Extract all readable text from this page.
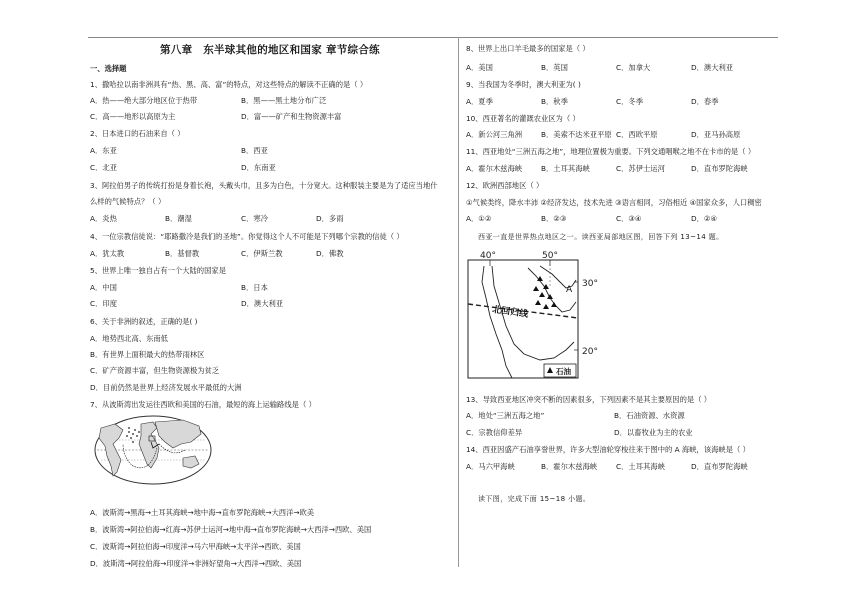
第八章　东半球其他的地区和国家 章节综合练
一、选择题
1、撒哈拉以南非洲具有“热、黑、高、富”的特点，对这些特点的解读不正确的是（ ）
A．热——绝大部分地区位于热带	B．黑——黑土地分布广泛
C．高——地形以高原为主	D．富——矿产和生物资源丰富
2、日本进口的石油来自（ ）
A．东亚	B．西亚
C．北亚	D．东南亚
3、阿拉伯男子的传统打扮是身着长袍，头戴头巾，且多为白色，十分宽大。这种服装主要是为了适应当地什
么样的气候特点？（ ）
A．炎热	B．潮湿	C．寒冷	D．多雨
4、一位宗教信徒说：“耶路撒冷是我们的圣地”。你觉得这个人不可能是下列哪个宗教的信徒（ ）
A．犹太教	B．基督教	C．伊斯兰教	D．佛教
5、世界上唯一独自占有一个大陆的国家是
A．中国	B．日本
C．印度	D．澳大利亚
6、关于非洲的叙述，正确的是( )
A．地势西北高、东南低
B．有世界上面积最大的热带雨林区
C．矿产资源丰富，但生物资源极为贫乏
D．目前仍然是世界上经济发展水平最低的大洲
7、从波斯湾出发运往西欧和美国的石油，最短的海上运输路线是（ ）
A．波斯湾→黑海→土耳其海峡→地中海→直布罗陀海峡→大西洋→欧美
B．波斯湾→阿拉伯海→红海→苏伊士运河→地中海→直布罗陀海峡→大西洋→西欧、美国
C．波斯湾→阿拉伯海→印度洋→马六甲海峡→太平洋→西欧、美国
D．波斯湾→阿拉伯海→印度洋→非洲好望角→大西洋→西欧、美国
8、世界上出口羊毛最多的国家是（ ）
A．美国	B．英国	C．加拿大	D．澳大利亚
9、当我国为冬季时，澳大利亚为( )
A．夏季	B．秋季	C．冬季	D．春季
10、西亚著名的灌溉农业区为（ ）
A．新公河三角洲	B．美索不达米亚平原 C．西欧平原	D．亚马孙高原
11、西亚地处“三洲五海之地”，地理位置极为重要。下列交通咽喉之地不在卡市的是（ ）
A．霍尔木兹海峡	B．土耳其海峡	C．苏伊士运河	D．直布罗陀海峡
12、欧洲西部地区（ ）
①气候类终，降水丰沛 ②经济发达，技术先进 ③语言相同，习俗相近 ④国家众多，人口稠密
A．①②	B．②③	C．③④	D．②④
西亚一直是世界热点地区之一。读西亚局部地区图，回答下列 13~14 题。
40°	50°
30°
20°
北回归线
A
石油
13、导致西亚地区冲突不断的因素很多，下列因素不是其主要原因的是（ ）
A．地处“三洲五海之地”	B．石油资源、水资源
C．宗教信仰差异	D．以畜牧业为主的农业
14、西亚因盛产石油享誉世界，许多大型油轮穿梭往来于图中的 A 海峡，该海峡是（ ）
A．马六甲海峡	B．霍尔木兹海峡	C．土耳其海峡	D．直布罗陀海峡
读下图，完成下面 15~18 小题。
